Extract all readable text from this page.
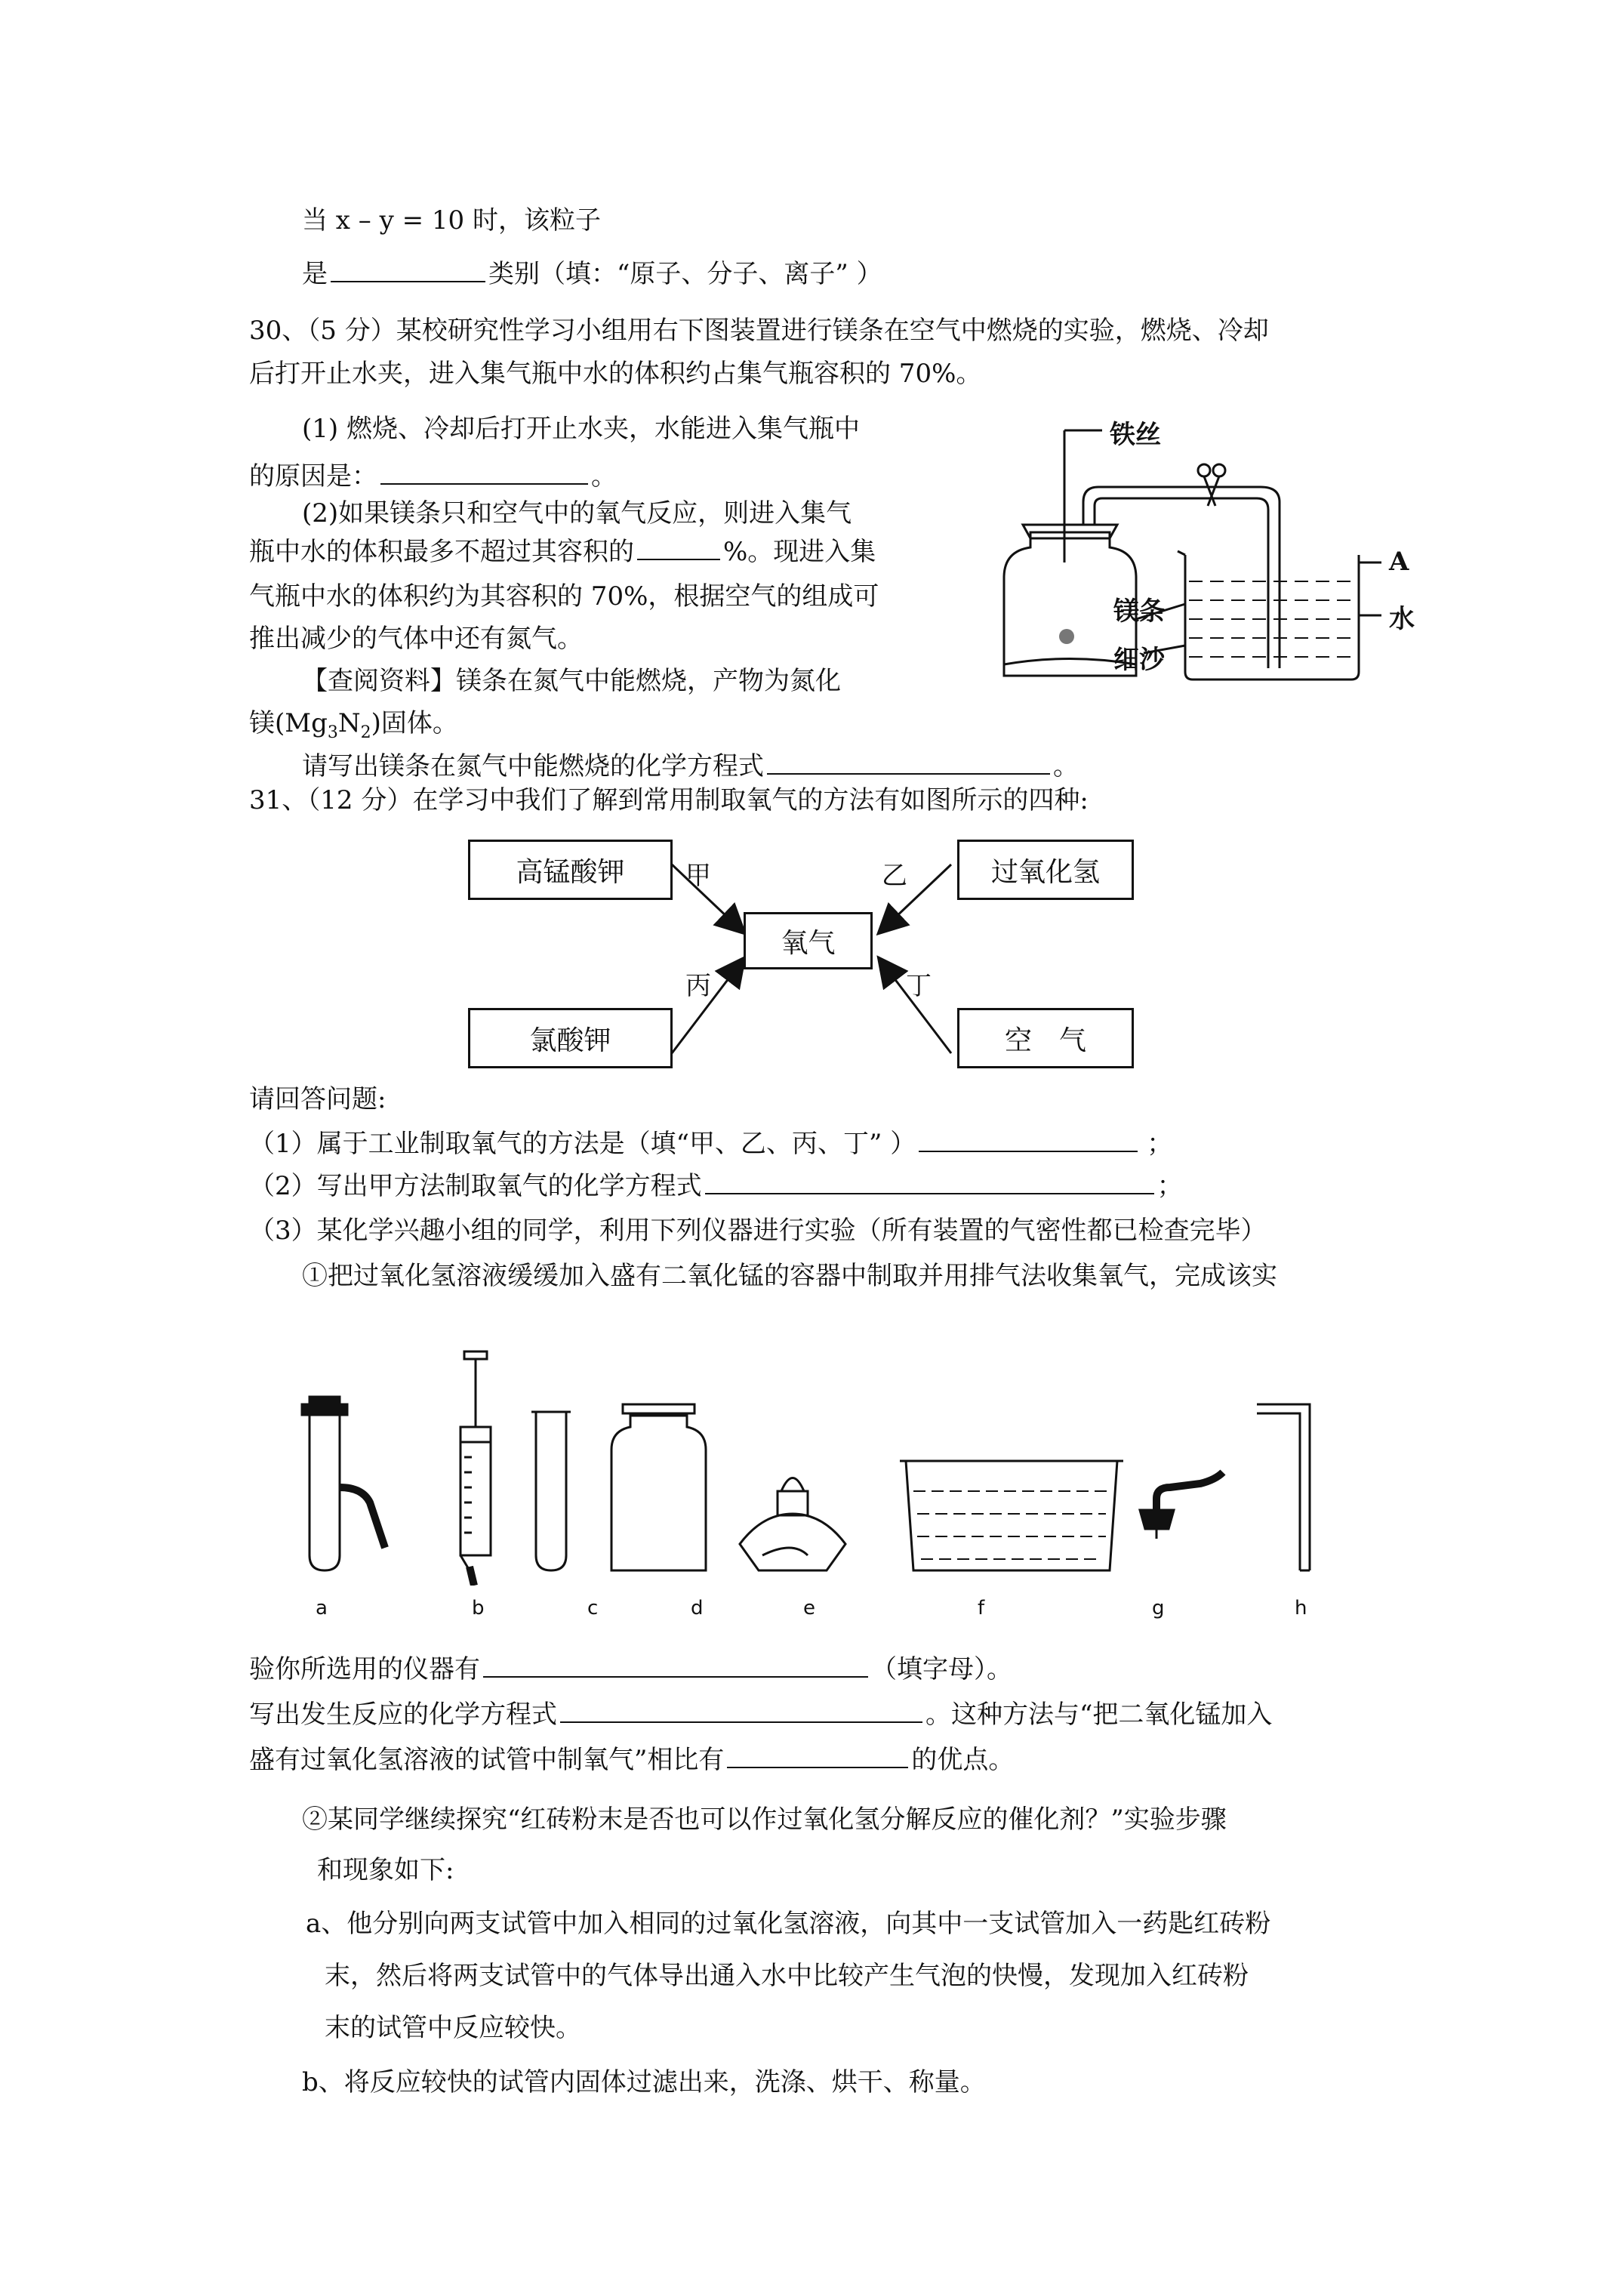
当 x – y = 10 时，该粒子
是	类别（填：“原子、分子、离子” ）
30、（5 分）某校研究性学习小组用右下图装置进行镁条在空气中燃烧的实验，燃烧、冷却
后打开止水夹，进入集气瓶中水的体积约占集气瓶容积的 70%。
(1) 燃烧、冷却后打开止水夹，水能进入集气瓶中
的原因是：	。
(2)如果镁条只和空气中的氧气反应，则进入集气
瓶中水的体积最多不超过其容积的	%。现进入集
气瓶中水的体积约为其容积的 70%，根据空气的组成可
推出减少的气体中还有氮气。
【查阅资料】镁条在氮气中能燃烧，产物为氮化
镁$(Mg_3N_2)$固体。
请写出镁条在氮气中能燃烧的化学方程式	。
铁丝
A
水
镁条
细沙
31、（12 分）在学习中我们了解到常用制取氧气的方法有如图所示的四种:
高锰酸钾	过氧化氢
氧气
氯酸钾	空　气
甲	乙
丙	丁
请回答问题:
（1）属于工业制取氧气的方法是（填“甲、乙、丙、丁” ）	；
（2）写出甲方法制取氧气的化学方程式	；
（3）某化学兴趣小组的同学，利用下列仪器进行实验（所有装置的气密性都已检查完毕）
①把过氧化氢溶液缓缓加入盛有二氧化锰的容器中制取并用排气法收集氧气，完成该实
a	b	c	d	e	f	g	h
验你所选用的仪器有	（填字母）。
写出发生反应的化学方程式	。这种方法与“把二氧化锰加入
盛有过氧化氢溶液的试管中制氧气”相比有	的优点。
②某同学继续探究“红砖粉末是否也可以作过氧化氢分解反应的催化剂？”实验步骤
和现象如下:
a、他分别向两支试管中加入相同的过氧化氢溶液，向其中一支试管加入一药匙红砖粉
末，然后将两支试管中的气体导出通入水中比较产生气泡的快慢，发现加入红砖粉
末的试管中反应较快。
b、将反应较快的试管内固体过滤出来，洗涤、烘干、称量。
